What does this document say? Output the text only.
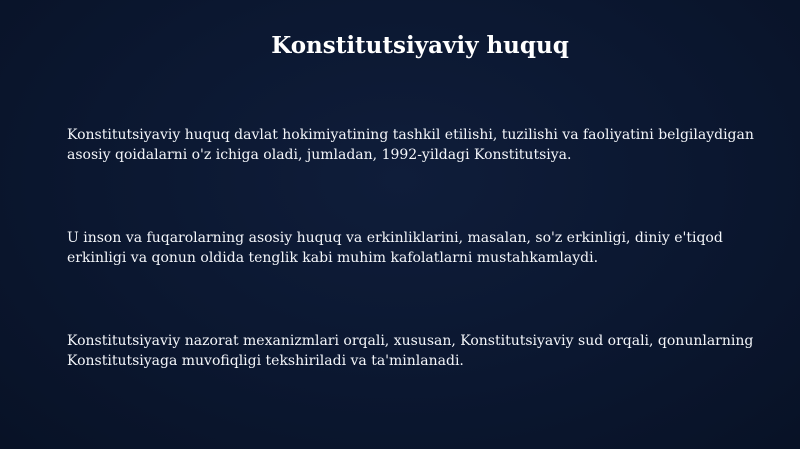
Konstitutsiyaviy huquq

Konstitutsiyaviy huquq davlat hokimiyatining tashkil etilishi, tuzilishi va faoliyatini belgilaydigan asosiy qoidalarni o'z ichiga oladi, jumladan, 1992-yildagi Konstitutsiya.

U inson va fuqarolarning asosiy huquq va erkinliklarini, masalan, so'z erkinligi, diniy e'tiqod erkinligi va qonun oldida tenglik kabi muhim kafolatlarni mustahkamlaydi.

Konstitutsiyaviy nazorat mexanizmlari orqali, xususan, Konstitutsiyaviy sud orqali, qonunlarning Konstitutsiyaga muvofiqligi tekshiriladi va ta'minlanadi.
